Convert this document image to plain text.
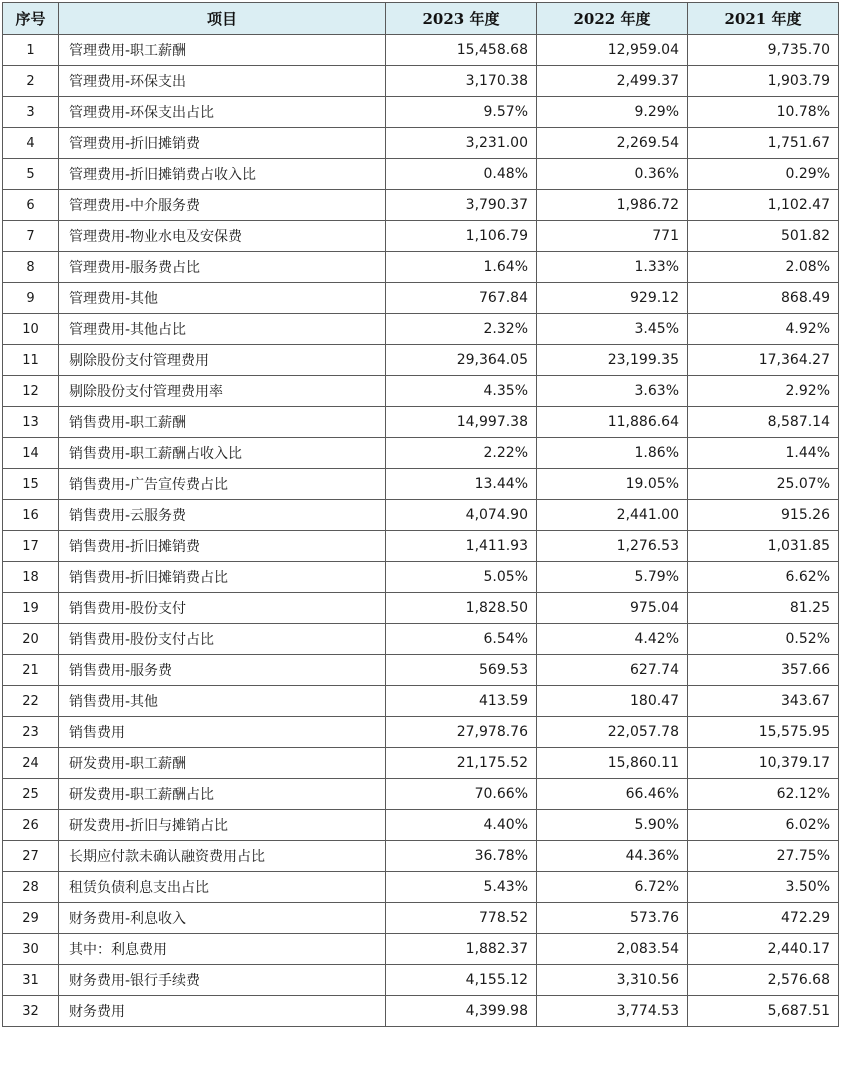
序号	项目	2023 年度	2022 年度	2021 年度
1	管理费用-职工薪酬	15,458.68	12,959.04	9,735.70
2	管理费用-环保支出	3,170.38	2,499.37	1,903.79
3	管理费用-环保支出占比	9.57%	9.29%	10.78%
4	管理费用-折旧摊销费	3,231.00	2,269.54	1,751.67
5	管理费用-折旧摊销费占收入比	0.48%	0.36%	0.29%
6	管理费用-中介服务费	3,790.37	1,986.72	1,102.47
7	管理费用-物业水电及安保费	1,106.79	771	501.82
8	管理费用-服务费占比	1.64%	1.33%	2.08%
9	管理费用-其他	767.84	929.12	868.49
10	管理费用-其他占比	2.32%	3.45%	4.92%
11	剔除股份支付管理费用	29,364.05	23,199.35	17,364.27
12	剔除股份支付管理费用率	4.35%	3.63%	2.92%
13	销售费用-职工薪酬	14,997.38	11,886.64	8,587.14
14	销售费用-职工薪酬占收入比	2.22%	1.86%	1.44%
15	销售费用-广告宣传费占比	13.44%	19.05%	25.07%
16	销售费用-云服务费	4,074.90	2,441.00	915.26
17	销售费用-折旧摊销费	1,411.93	1,276.53	1,031.85
18	销售费用-折旧摊销费占比	5.05%	5.79%	6.62%
19	销售费用-股份支付	1,828.50	975.04	81.25
20	销售费用-股份支付占比	6.54%	4.42%	0.52%
21	销售费用-服务费	569.53	627.74	357.66
22	销售费用-其他	413.59	180.47	343.67
23	销售费用	27,978.76	22,057.78	15,575.95
24	研发费用-职工薪酬	21,175.52	15,860.11	10,379.17
25	研发费用-职工薪酬占比	70.66%	66.46%	62.12%
26	研发费用-折旧与摊销占比	4.40%	5.90%	6.02%
27	长期应付款未确认融资费用占比	36.78%	44.36%	27.75%
28	租赁负债利息支出占比	5.43%	6.72%	3.50%
29	财务费用-利息收入	778.52	573.76	472.29
30	其中：利息费用	1,882.37	2,083.54	2,440.17
31	财务费用-银行手续费	4,155.12	3,310.56	2,576.68
32	财务费用	4,399.98	3,774.53	5,687.51
